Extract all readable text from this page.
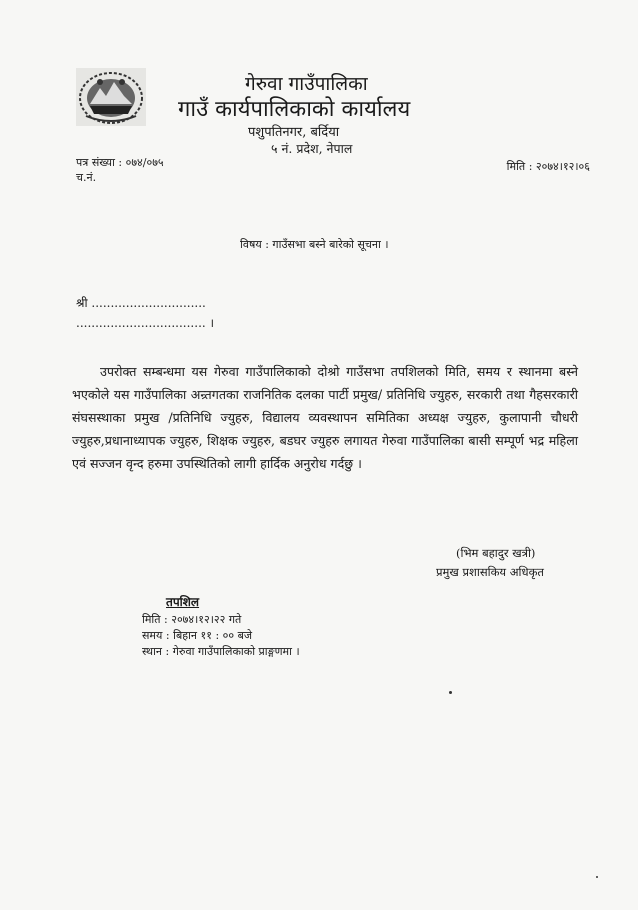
गेरुवा गाउँपालिका
गाउँ कार्यपालिकाको कार्यालय
पशुपतिनगर, बर्दिया
५ नं. प्रदेश, नेपाल
पत्र संख्या : ०७४/०७५
च.नं.
मिति : २०७४।१२।०६
विषय : गाउँसभा बस्ने बारेको सूचना ।
श्री ..............................
.................................. ।
उपरोक्त सम्बन्धमा यस गेरुवा गाउँपालिकाको दोश्रो गाउँसभा तपशिलको मिति, समय र स्थानमा बस्ने भएकोले यस गाउँपालिका अन्र्तगतका राजनितिक दलका पार्टी प्रमुख/ प्रतिनिधि ज्युहरु, सरकारी तथा गैहसरकारी संघसस्थाका प्रमुख /प्रतिनिधि ज्युहरु, विद्यालय व्यवस्थापन समितिका अध्यक्ष ज्युहरु, कुलापानी चौधरी ज्युहरु,प्रधानाध्यापक ज्युहरु, शिक्षक ज्युहरु, बडघर ज्युहरु लगायत गेरुवा गाउँपालिका बासी सम्पूर्ण भद्र महिला एवं सज्जन वृन्द हरुमा उपस्थितिको लागी हार्दिक अनुरोध गर्दछु ।
(भिम बहादुर खत्री)
प्रमुख प्रशासकिय अधिकृत
तपशिल
मिति : २०७४।१२।२२ गते
समय : बिहान ११ : ०० बजे
स्थान : गेरुवा गाउँपालिकाको प्राङ्गणमा ।
